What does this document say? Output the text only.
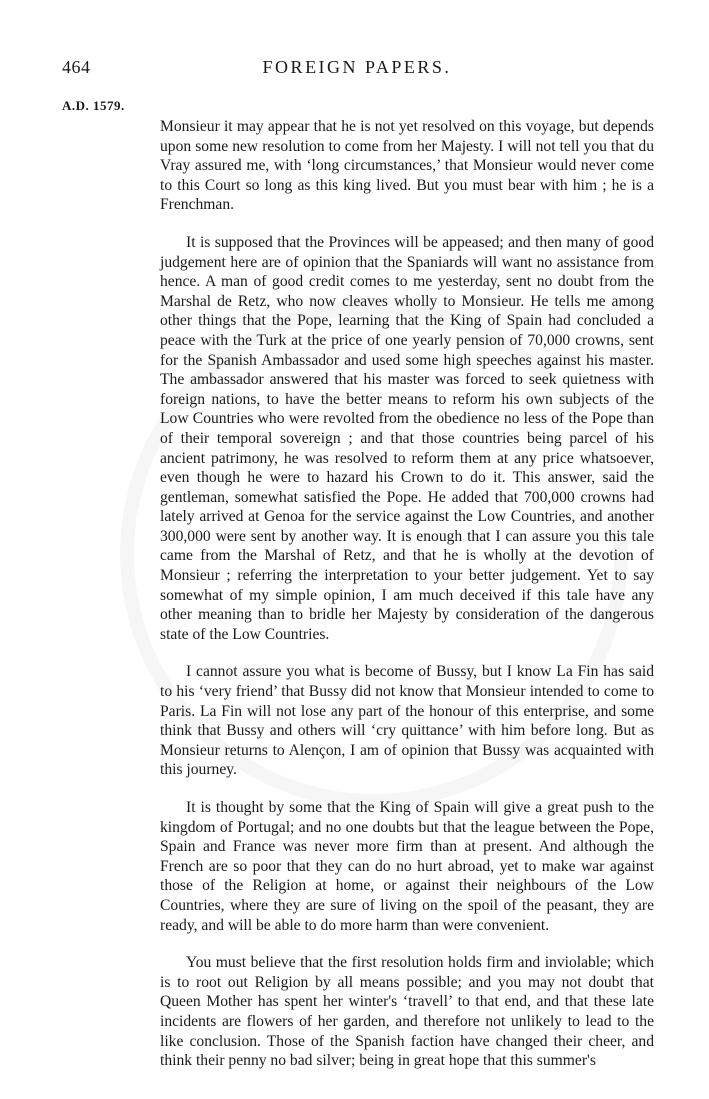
464	FOREIGN PAPERS.
A.D. 1579.

Monsieur it may appear that he is not yet resolved on this voyage, but depends upon some new resolution to come from her Majesty. I will not tell you that du Vray assured me, with ‘long circumstances,’ that Monsieur would never come to this Court so long as this king lived. But you must bear with him ; he is a Frenchman.

It is supposed that the Provinces will be appeased; and then many of good judgement here are of opinion that the Spaniards will want no assistance from hence. A man of good credit comes to me yesterday, sent no doubt from the Marshal de Retz, who now cleaves wholly to Monsieur. He tells me among other things that the Pope, learning that the King of Spain had concluded a peace with the Turk at the price of one yearly pension of 70,000 crowns, sent for the Spanish Ambassador and used some high speeches against his master. The ambassador answered that his master was forced to seek quietness with foreign nations, to have the better means to reform his own subjects of the Low Countries who were revolted from the obedience no less of the Pope than of their temporal sovereign ; and that those countries being parcel of his ancient patrimony, he was resolved to reform them at any price whatsoever, even though he were to hazard his Crown to do it. This answer, said the gentleman, somewhat satisfied the Pope. He added that 700,000 crowns had lately arrived at Genoa for the service against the Low Countries, and another 300,000 were sent by another way. It is enough that I can assure you this tale came from the Marshal of Retz, and that he is wholly at the devotion of Monsieur ; referring the interpretation to your better judgement. Yet to say somewhat of my simple opinion, I am much deceived if this tale have any other meaning than to bridle her Majesty by consideration of the dangerous state of the Low Countries.

I cannot assure you what is become of Bussy, but I know La Fin has said to his ‘very friend’ that Bussy did not know that Monsieur intended to come to Paris. La Fin will not lose any part of the honour of this enterprise, and some think that Bussy and others will ‘cry quittance’ with him before long. But as Monsieur returns to Alençon, I am of opinion that Bussy was acquainted with this journey.

It is thought by some that the King of Spain will give a great push to the kingdom of Portugal; and no one doubts but that the league between the Pope, Spain and France was never more firm than at present. And although the French are so poor that they can do no hurt abroad, yet to make war against those of the Religion at home, or against their neighbours of the Low Countries, where they are sure of living on the spoil of the peasant, they are ready, and will be able to do more harm than were convenient.

You must believe that the first resolution holds firm and inviolable; which is to root out Religion by all means possible; and you may not doubt that Queen Mother has spent her winter's ‘travell’ to that end, and that these late incidents are flowers of her garden, and therefore not unlikely to lead to the like conclusion. Those of the Spanish faction have changed their cheer, and think their penny no bad silver; being in great hope that this summer's
